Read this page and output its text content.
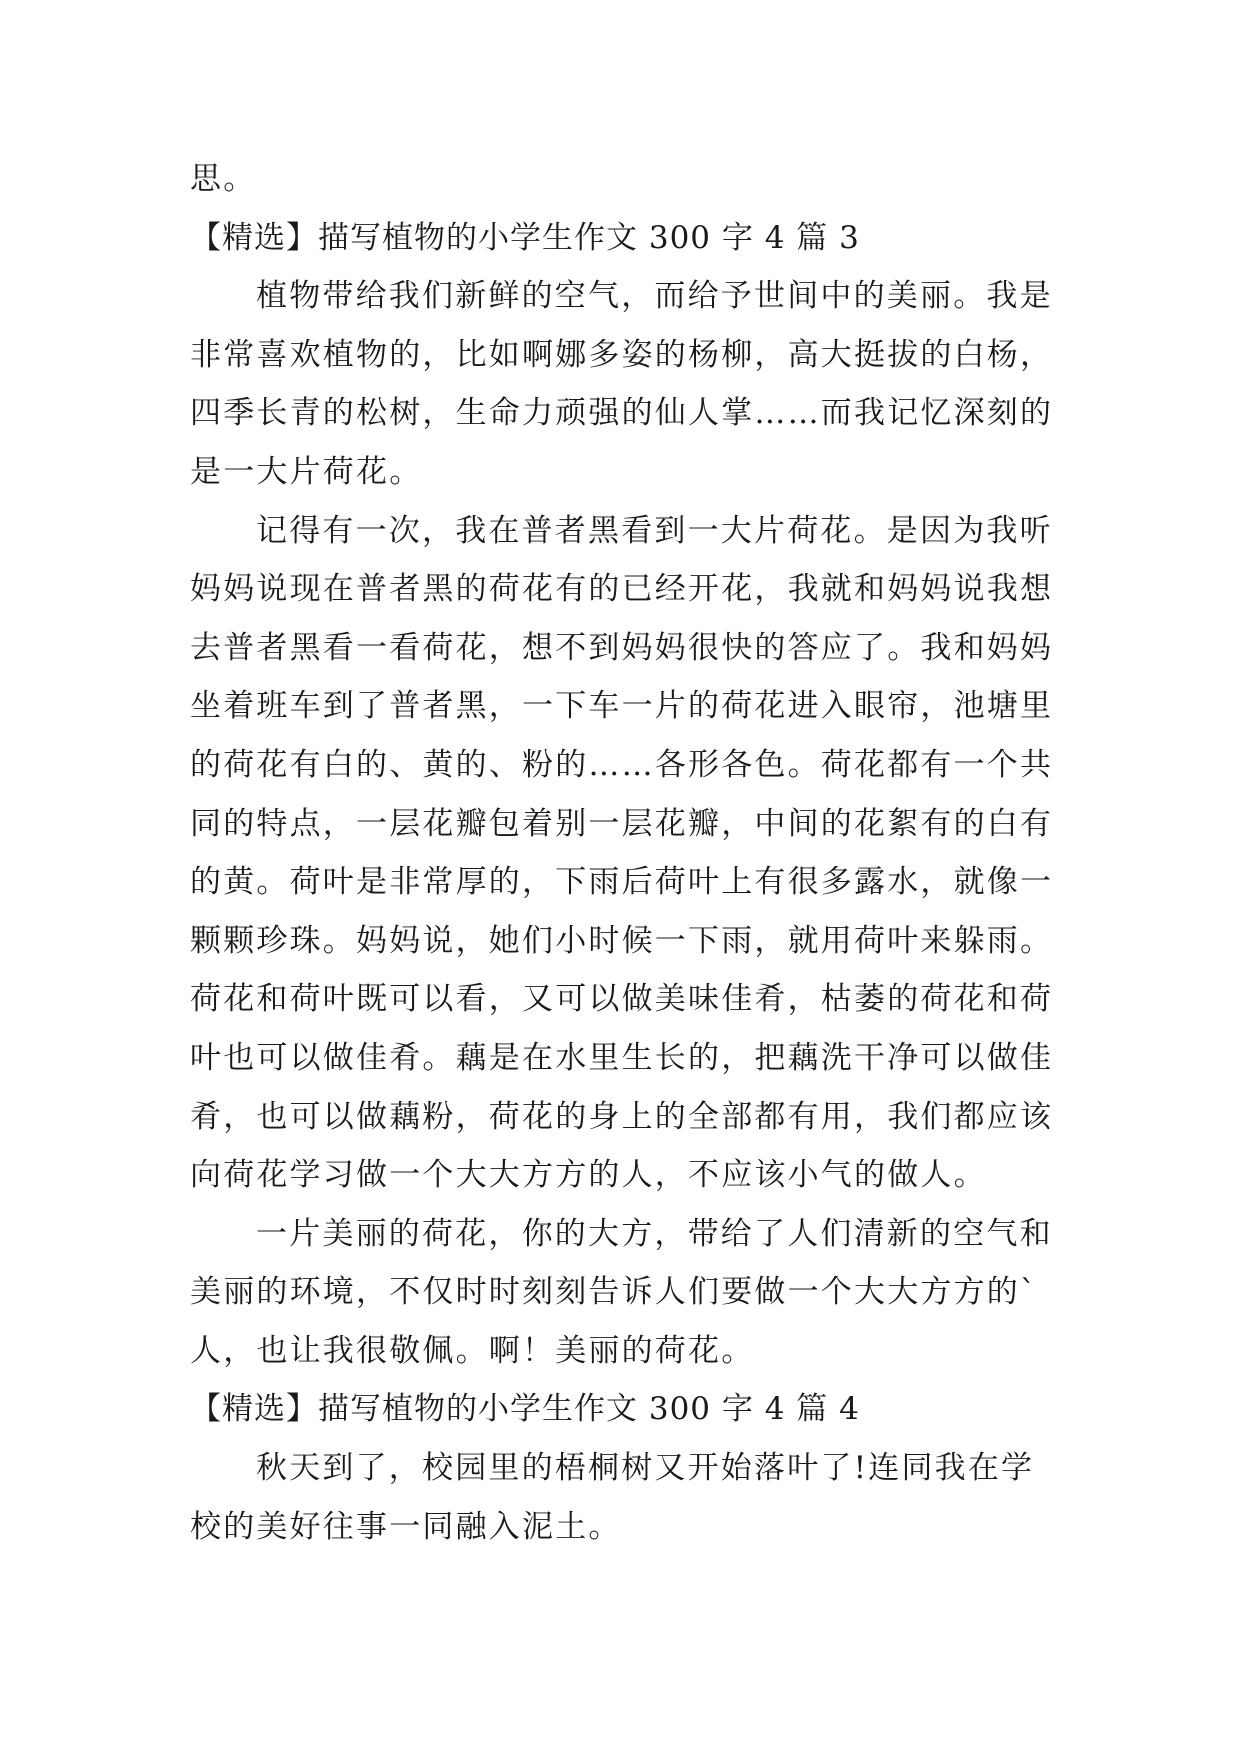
思。
【精选】描写植物的小学生作文 300 字 4 篇 3
植物带给我们新鲜的空气，而给予世间中的美丽。我是
非常喜欢植物的，比如啊娜多姿的杨柳，高大挺拔的白杨，
四季长青的松树，生命力顽强的仙人掌……而我记忆深刻的
是一大片荷花。
记得有一次，我在普者黑看到一大片荷花。是因为我听
妈妈说现在普者黑的荷花有的已经开花，我就和妈妈说我想
去普者黑看一看荷花，想不到妈妈很快的答应了。我和妈妈
坐着班车到了普者黑，一下车一片的荷花进入眼帘，池塘里
的荷花有白的、黄的、粉的……各形各色。荷花都有一个共
同的特点，一层花瓣包着别一层花瓣，中间的花絮有的白有
的黄。荷叶是非常厚的，下雨后荷叶上有很多露水，就像一
颗颗珍珠。妈妈说，她们小时候一下雨，就用荷叶来躲雨。
荷花和荷叶既可以看，又可以做美味佳肴，枯萎的荷花和荷
叶也可以做佳肴。藕是在水里生长的，把藕洗干净可以做佳
肴，也可以做藕粉，荷花的身上的全部都有用，我们都应该
向荷花学习做一个大大方方的人，不应该小气的做人。
一片美丽的荷花，你的大方，带给了人们清新的空气和
美丽的环境，不仅时时刻刻告诉人们要做一个大大方方的`
人，也让我很敬佩。啊！美丽的荷花。
【精选】描写植物的小学生作文 300 字 4 篇 4
秋天到了，校园里的梧桐树又开始落叶了!连同我在学
校的美好往事一同融入泥土。
